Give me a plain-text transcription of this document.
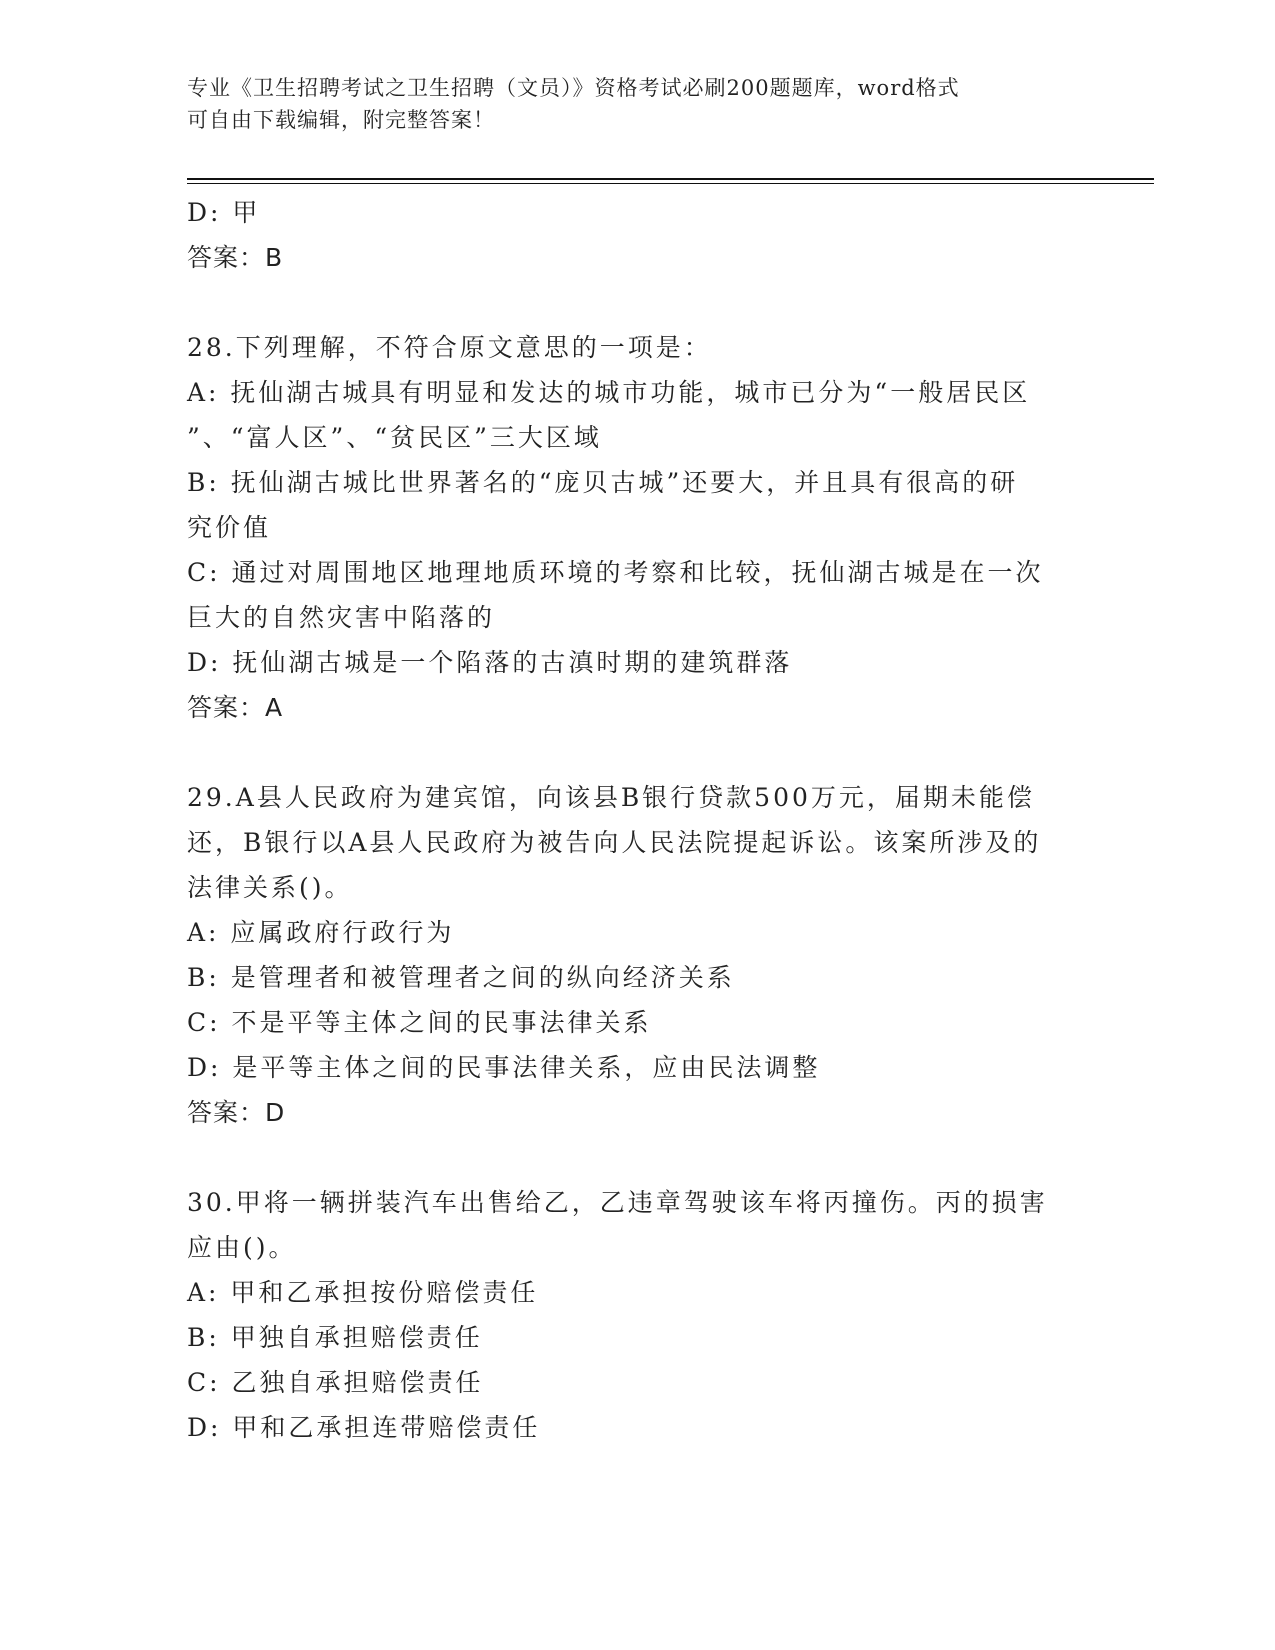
专业《卫生招聘考试之卫生招聘（文员）》资格考试必刷200题题库，word格式
可自由下载编辑，附完整答案！
D: 甲
答案：B
28.下列理解，不符合原文意思的一项是：
A: 抚仙湖古城具有明显和发达的城市功能，城市已分为“一般居民区
”、“富人区”、“贫民区”三大区域
B: 抚仙湖古城比世界著名的“庞贝古城”还要大，并且具有很高的研
究价值
C: 通过对周围地区地理地质环境的考察和比较，抚仙湖古城是在一次
巨大的自然灾害中陷落的
D: 抚仙湖古城是一个陷落的古滇时期的建筑群落
答案：A
29.A县人民政府为建宾馆，向该县B银行贷款500万元，届期未能偿
还，B银行以A县人民政府为被告向人民法院提起诉讼。该案所涉及的
法律关系()。
A: 应属政府行政行为
B: 是管理者和被管理者之间的纵向经济关系
C: 不是平等主体之间的民事法律关系
D: 是平等主体之间的民事法律关系，应由民法调整
答案：D
30.甲将一辆拼装汽车出售给乙，乙违章驾驶该车将丙撞伤。丙的损害
应由()。
A: 甲和乙承担按份赔偿责任
B: 甲独自承担赔偿责任
C: 乙独自承担赔偿责任
D: 甲和乙承担连带赔偿责任
